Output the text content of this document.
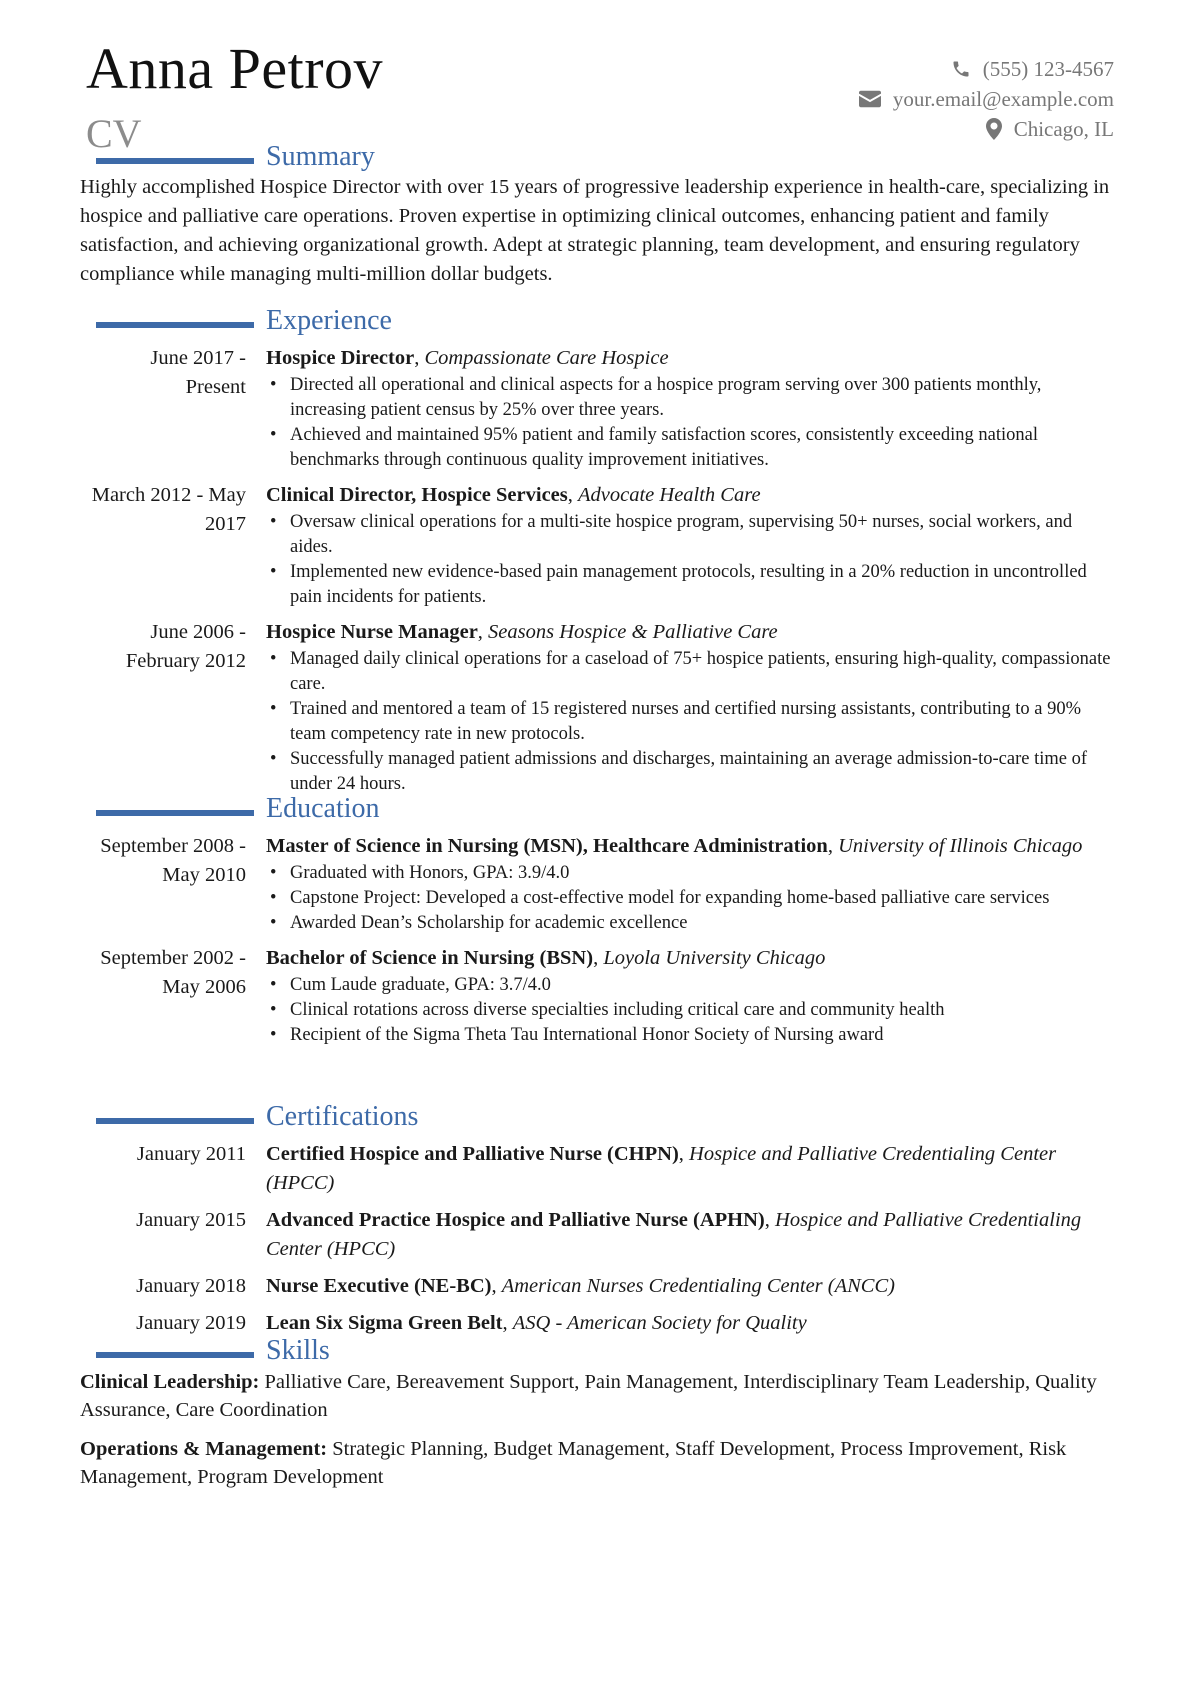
Anna Petrov
CV
(555) 123-4567
your.email@example.com
Chicago, IL
Summary
Highly accomplished Hospice Director with over 15 years of progressive leadership experience in health-care, specializing in hospice and palliative care operations. Proven expertise in optimizing clinical outcomes, enhancing patient and family satisfaction, and achieving organizational growth. Adept at strategic planning, team development, and ensuring regulatory compliance while managing multi-million dollar budgets.
Experience
June 2017 - Present
Hospice Director, Compassionate Care Hospice
• Directed all operational and clinical aspects for a hospice program serving over 300 patients monthly, increasing patient census by 25% over three years.
• Achieved and maintained 95% patient and family satisfaction scores, consistently exceeding national benchmarks through continuous quality improvement initiatives.
March 2012 - May 2017
Clinical Director, Hospice Services, Advocate Health Care
• Oversaw clinical operations for a multi-site hospice program, supervising 50+ nurses, social workers, and aides.
• Implemented new evidence-based pain management protocols, resulting in a 20% reduction in uncontrolled pain incidents for patients.
June 2006 - February 2012
Hospice Nurse Manager, Seasons Hospice & Palliative Care
• Managed daily clinical operations for a caseload of 75+ hospice patients, ensuring high-quality, compassionate care.
• Trained and mentored a team of 15 registered nurses and certified nursing assistants, contributing to a 90% team competency rate in new protocols.
• Successfully managed patient admissions and discharges, maintaining an average admission-to-care time of under 24 hours.
Education
September 2008 - May 2010
Master of Science in Nursing (MSN), Healthcare Administration, University of Illinois Chicago
• Graduated with Honors, GPA: 3.9/4.0
• Capstone Project: Developed a cost-effective model for expanding home-based palliative care services
• Awarded Dean’s Scholarship for academic excellence
September 2002 - May 2006
Bachelor of Science in Nursing (BSN), Loyola University Chicago
• Cum Laude graduate, GPA: 3.7/4.0
• Clinical rotations across diverse specialties including critical care and community health
• Recipient of the Sigma Theta Tau International Honor Society of Nursing award
Certifications
January 2011 Certified Hospice and Palliative Nurse (CHPN), Hospice and Palliative Credentialing Center (HPCC)
January 2015 Advanced Practice Hospice and Palliative Nurse (APHN), Hospice and Palliative Credentialing Center (HPCC)
January 2018 Nurse Executive (NE-BC), American Nurses Credentialing Center (ANCC)
January 2019 Lean Six Sigma Green Belt, ASQ - American Society for Quality
Skills
Clinical Leadership: Palliative Care, Bereavement Support, Pain Management, Interdisciplinary Team Leadership, Quality Assurance, Care Coordination
Operations & Management: Strategic Planning, Budget Management, Staff Development, Process Improvement, Risk Management, Program Development
